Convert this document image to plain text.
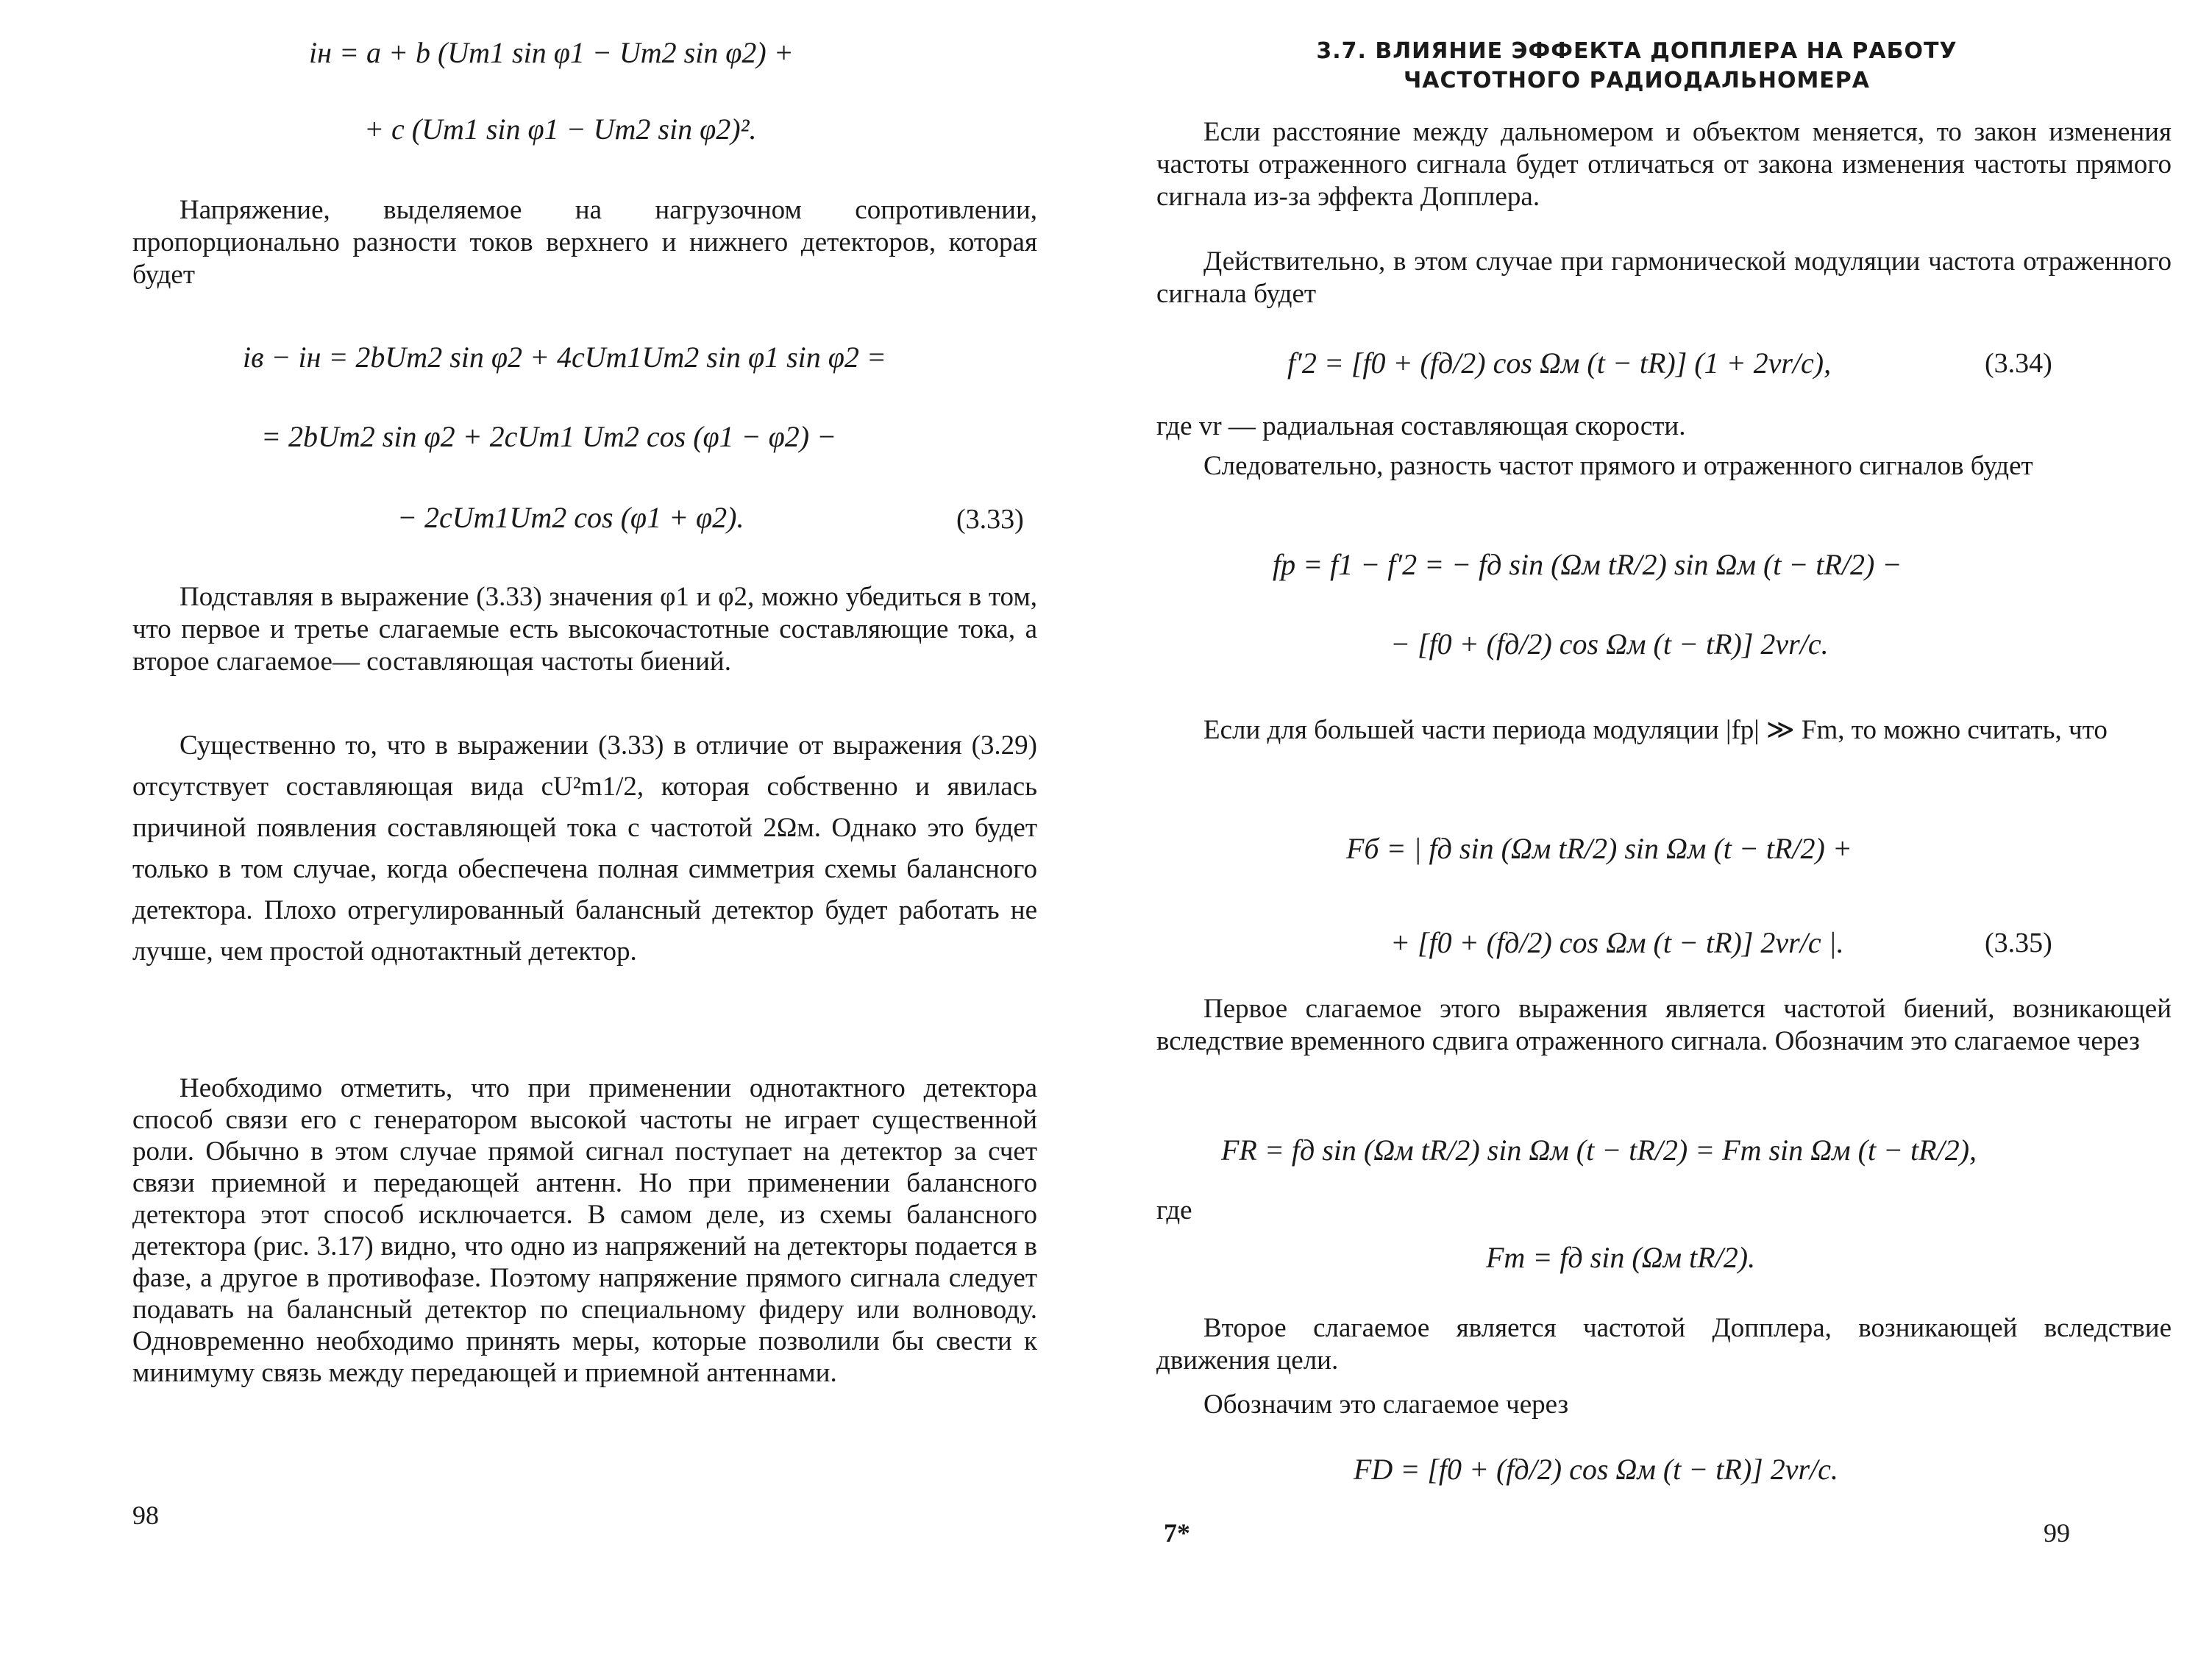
iн = a + b (Um1 sin φ1 − Um2 sin φ2) +

+ c (Um1 sin φ1 − Um2 sin φ2)².

Напряжение, выделяемое на нагрузочном сопротивлении, пропорционально разности токов верхнего и нижнего детекторов, которая будет

iв − iн = 2bUm2 sin φ2 + 4cUm1Um2 sin φ1 sin φ2 =

= 2bUm2 sin φ2 + 2cUm1 Um2 cos (φ1 − φ2) −

− 2cUm1Um2 cos (φ1 + φ2).	(3.33)

Подставляя в выражение (3.33) значения φ1 и φ2, можно убедиться в том, что первое и третье слагаемые есть высокочастотные составляющие тока, а второе слагаемое— составляющая частоты биений.

Существенно то, что в выражении (3.33) в отличие от выражения (3.29) отсутствует составляющая вида cU²m1/2, которая собственно и явилась причиной появления составляющей тока с частотой 2Ωм. Однако это будет только в том случае, когда обеспечена полная симметрия схемы балансного детектора. Плохо отрегулированный балансный детектор будет работать не лучше, чем простой однотактный детектор.

Необходимо отметить, что при применении однотактного детектора способ связи его с генератором высокой частоты не играет существенной роли. Обычно в этом случае прямой сигнал поступает на детектор за счет связи приемной и передающей антенн. Но при применении балансного детектора этот способ исключается. В самом деле, из схемы балансного детектора (рис. 3.17) видно, что одно из напряжений на детекторы подается в фазе, а другое в противофазе. Поэтому напряжение прямого сигнала следует подавать на балансный детектор по специальному фидеру или волноводу. Одновременно необходимо принять меры, которые позволили бы свести к минимуму связь между передающей и приемной антеннами.

98

3.7. ВЛИЯНИЕ ЭФФЕКТА ДОППЛЕРА НА РАБОТУ

ЧАСТОТНОГО РАДИОДАЛЬНОМЕРА

Если расстояние между дальномером и объектом меняется, то закон изменения частоты отраженного сигнала будет отличаться от закона изменения частоты прямого сигнала из-за эффекта Допплера.

Действительно, в этом случае при гармонической модуляции частота отраженного сигнала будет

f′2 = [f0 + (fд/2) cos Ωм (t − tR)] (1 + 2vr/c),	(3.34)

где vr — радиальная составляющая скорости.

Следовательно, разность частот прямого и отраженного сигналов будет

fр = f1 − f′2 = − fд sin (Ωм tR/2) sin Ωм (t − tR/2) −

− [f0 + (fд/2) cos Ωм (t − tR)] 2vr/c.

Если для большей части периода модуляции |fр| ≫ Fm, то можно считать, что

Fб = | fд sin (Ωм tR/2) sin Ωм (t − tR/2) +

+ [f0 + (fд/2) cos Ωм (t − tR)] 2vr/c |.	(3.35)

Первое слагаемое этого выражения является частотой биений, возникающей вследствие временного сдвига отраженного сигнала. Обозначим это слагаемое через

FR = fд sin (Ωм tR/2) sin Ωм (t − tR/2) = Fm sin Ωм (t − tR/2),

где

Fm = fд sin (Ωм tR/2).

Второе слагаемое является частотой Допплера, возникающей вследствие движения цели.

Обозначим это слагаемое через

FD = [f0 + (fд/2) cos Ωм (t − tR)] 2vr/c.

7*	99
